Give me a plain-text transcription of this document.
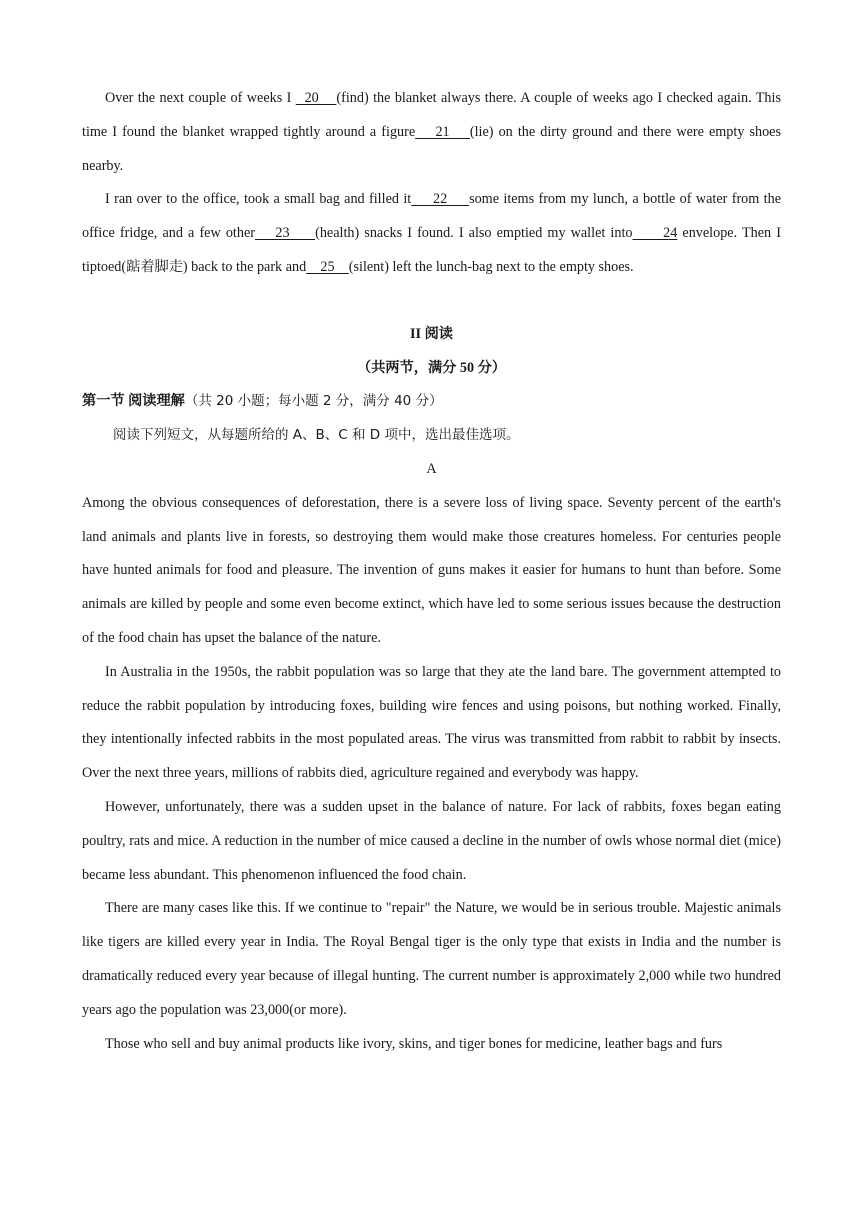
Over the next couple of weeks I   20    (find) the blanket always there. A couple of weeks ago I checked again. This time I found the blanket wrapped tightly around a figure    21    (lie) on the dirty ground and there were empty shoes nearby.

I ran over to the office, took a small bag and filled it     22     some items from my lunch, a bottle of water from the office fridge, and a few other    23     (health) snacks I found. I also emptied my wallet into      24 envelope. Then I tiptoed(踮着脚走) back to the park and    25    (silent) left the lunch-bag next to the empty shoes.

II 阅读

（共两节，满分 50 分）

第一节 阅读理解（共 20 小题；每小题 2 分，满分 40 分）

阅读下列短文，从每题所给的 A、B、C 和 D 项中，选出最佳选项。

A

Among the obvious consequences of deforestation, there is a severe loss of living space. Seventy percent of the earth's land animals and plants live in forests, so destroying them would make those creatures homeless. For centuries people have hunted animals for food and pleasure. The invention of guns makes it easier for humans to hunt than before. Some animals are killed by people and some even become extinct, which have led to some serious issues because the destruction of the food chain has upset the balance of the nature.

In Australia in the 1950s, the rabbit population was so large that they ate the land bare. The government attempted to reduce the rabbit population by introducing foxes, building wire fences and using poisons, but nothing worked. Finally, they intentionally infected rabbits in the most populated areas. The virus was transmitted from rabbit to rabbit by insects. Over the next three years, millions of rabbits died, agriculture regained and everybody was happy.

However, unfortunately, there was a sudden upset in the balance of nature. For lack of rabbits, foxes began eating poultry, rats and mice. A reduction in the number of mice caused a decline in the number of owls whose normal diet (mice) became less abundant. This phenomenon influenced the food chain.

There are many cases like this. If we continue to "repair" the Nature, we would be in serious trouble. Majestic animals like tigers are killed every year in India. The Royal Bengal tiger is the only type that exists in India and the number is dramatically reduced every year because of illegal hunting. The current number is approximately 2,000 while two hundred years ago the population was 23,000(or more).

Those who sell and buy animal products like ivory, skins, and tiger bones for medicine, leather bags and furs
